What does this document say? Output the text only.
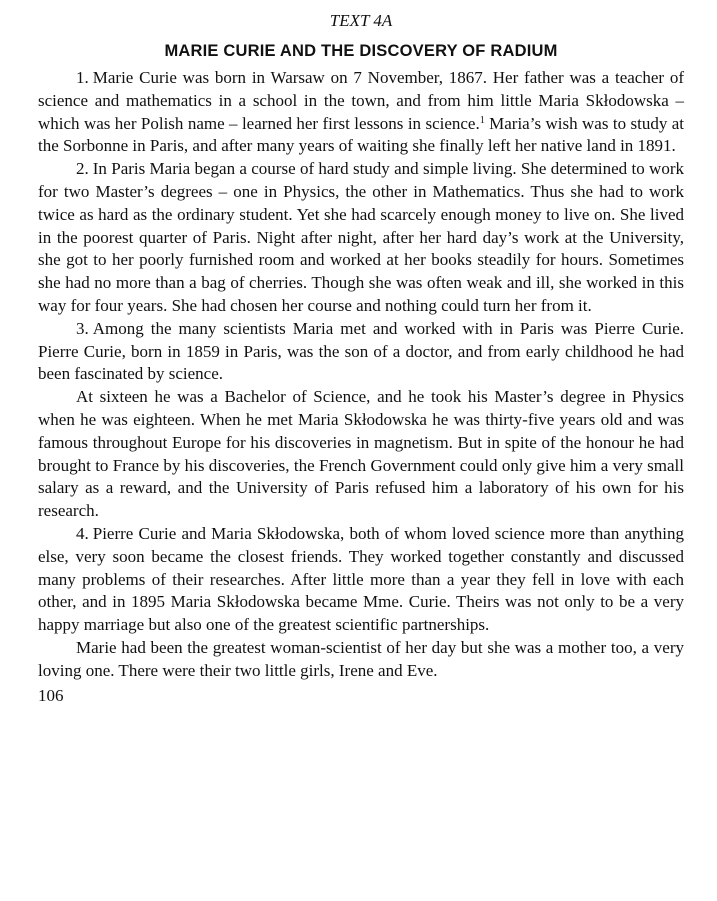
TEXT 4A
MARIE CURIE AND THE DISCOVERY OF RADIUM

1. Marie Curie was born in Warsaw on 7 November, 1867. Her father was a teacher of science and mathematics in a school in the town, and from him little Maria Skłodowska – which was her Polish name – learned her first lessons in science.$^1$ Maria’s wish was to study at the Sorbonne in Paris, and after many years of waiting she finally left her native land in 1891.

2. In Paris Maria began a course of hard study and simple living. She determined to work for two Master’s degrees – one in Physics, the other in Mathematics. Thus she had to work twice as hard as the ordinary student. Yet she had scarcely enough money to live on. She lived in the poorest quarter of Paris. Night after night, after her hard day’s work at the University, she got to her poorly furnished room and worked at her books steadily for hours. Sometimes she had no more than a bag of cherries. Though she was often weak and ill, she worked in this way for four years. She had chosen her course and nothing could turn her from it.

3. Among the many scientists Maria met and worked with in Paris was Pierre Curie. Pierre Curie, born in 1859 in Paris, was the son of a doctor, and from early childhood he had been fascinated by science.

At sixteen he was a Bachelor of Science, and he took his Master’s degree in Physics when he was eighteen. When he met Maria Skłodowska he was thirty-five years old and was famous throughout Europe for his discoveries in magnetism. But in spite of the honour he had brought to France by his discoveries, the French Government could only give him a very small salary as a reward, and the University of Paris refused him a laboratory of his own for his research.

4. Pierre Curie and Maria Skłodowska, both of whom loved science more than anything else, very soon became the closest friends. They worked together constantly and discussed many problems of their researches. After little more than a year they fell in love with each other, and in 1895 Maria Skłodowska became Mme. Curie. Theirs was not only to be a very happy marriage but also one of the greatest scientific partnerships.

Marie had been the greatest woman-scientist of her day but she was a mother too, a very loving one. There were their two little girls, Irene and Eve.

106
